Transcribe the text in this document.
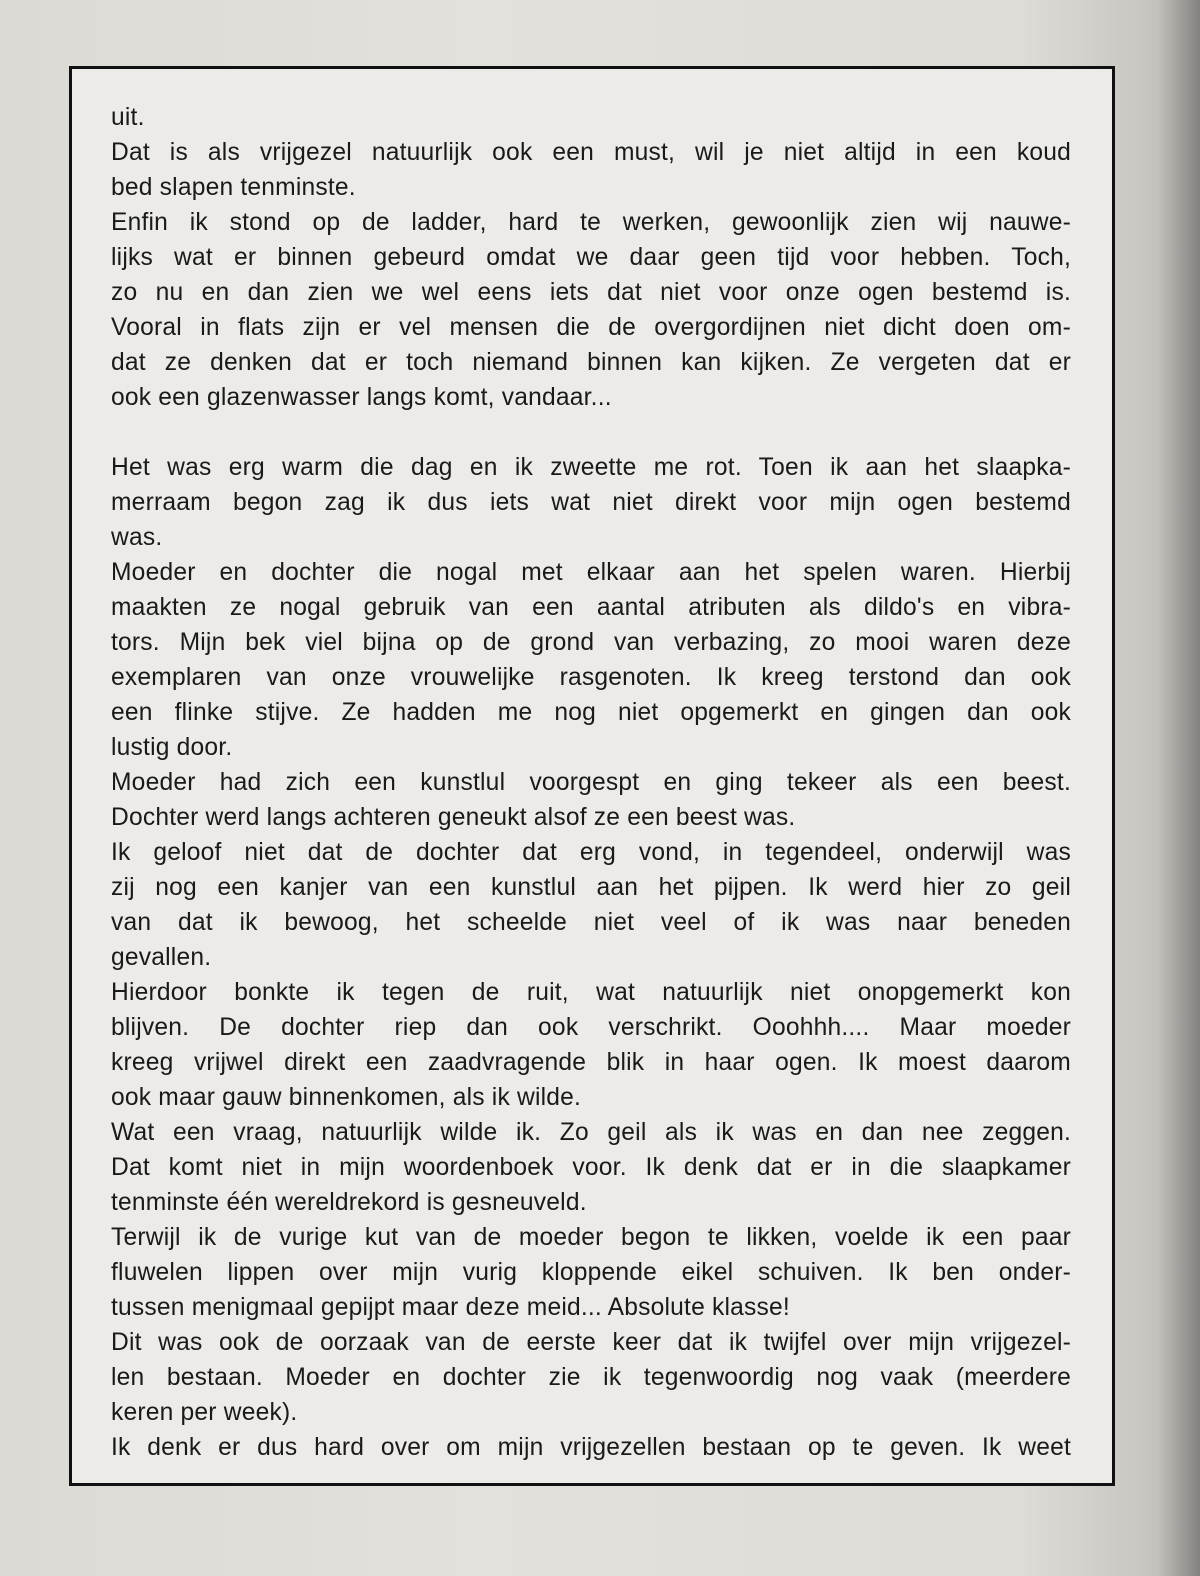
uit.
Dat is als vrijgezel natuurlijk ook een must, wil je niet altijd in een koud
bed slapen tenminste.
Enfin ik stond op de ladder, hard te werken, gewoonlijk zien wij nauwe-
lijks wat er binnen gebeurd omdat we daar geen tijd voor hebben. Toch,
zo nu en dan zien we wel eens iets dat niet voor onze ogen bestemd is.
Vooral in flats zijn er vel mensen die de overgordijnen niet dicht doen om-
dat ze denken dat er toch niemand binnen kan kijken. Ze vergeten dat er
ook een glazenwasser langs komt, vandaar...
Het was erg warm die dag en ik zweette me rot. Toen ik aan het slaapka-
merraam begon zag ik dus iets wat niet direkt voor mijn ogen bestemd
was.
Moeder en dochter die nogal met elkaar aan het spelen waren. Hierbij
maakten ze nogal gebruik van een aantal atributen als dildo's en vibra-
tors. Mijn bek viel bijna op de grond van verbazing, zo mooi waren deze
exemplaren van onze vrouwelijke rasgenoten. Ik kreeg terstond dan ook
een flinke stijve. Ze hadden me nog niet opgemerkt en gingen dan ook
lustig door.
Moeder had zich een kunstlul voorgespt en ging tekeer als een beest.
Dochter werd langs achteren geneukt alsof ze een beest was.
Ik geloof niet dat de dochter dat erg vond, in tegendeel, onderwijl was
zij nog een kanjer van een kunstlul aan het pijpen. Ik werd hier zo geil
van dat ik bewoog, het scheelde niet veel of ik was naar beneden
gevallen.
Hierdoor bonkte ik tegen de ruit, wat natuurlijk niet onopgemerkt kon
blijven. De dochter riep dan ook verschrikt. Ooohhh.... Maar moeder
kreeg vrijwel direkt een zaadvragende blik in haar ogen. Ik moest daarom
ook maar gauw binnenkomen, als ik wilde.
Wat een vraag, natuurlijk wilde ik. Zo geil als ik was en dan nee zeggen.
Dat komt niet in mijn woordenboek voor. Ik denk dat er in die slaapkamer
tenminste één wereldrekord is gesneuveld.
Terwijl ik de vurige kut van de moeder begon te likken, voelde ik een paar
fluwelen lippen over mijn vurig kloppende eikel schuiven. Ik ben onder-
tussen menigmaal gepijpt maar deze meid... Absolute klasse!
Dit was ook de oorzaak van de eerste keer dat ik twijfel over mijn vrijgezel-
len bestaan. Moeder en dochter zie ik tegenwoordig nog vaak (meerdere
keren per week).
Ik denk er dus hard over om mijn vrijgezellen bestaan op te geven. Ik weet
